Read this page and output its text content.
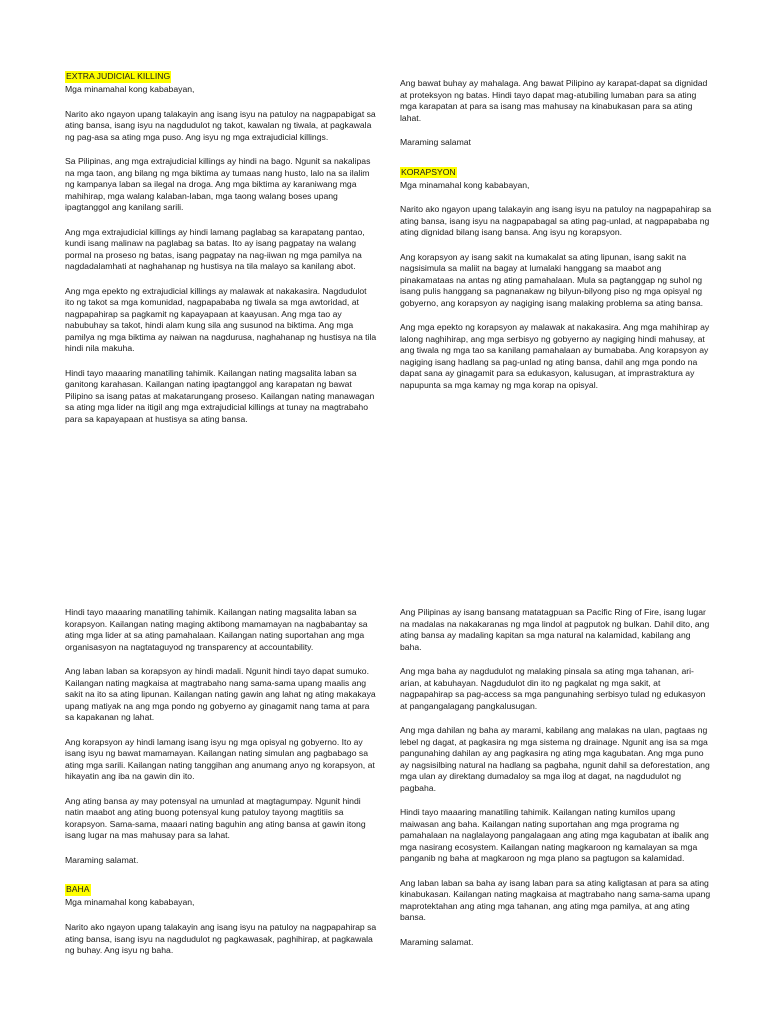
EXTRA JUDICIAL KILLING

Mga minamahal kong kababayan,

Narito ako ngayon upang talakayin ang isang isyu na patuloy na nagpapabigat sa ating bansa, isang isyu na nagdudulot ng takot, kawalan ng tiwala, at pagkawala ng pag-asa sa ating mga puso. Ang isyu ng mga extrajudicial killings.

Sa Pilipinas, ang mga extrajudicial killings ay hindi na bago. Ngunit sa nakalipas na mga taon, ang bilang ng mga biktima ay tumaas nang husto, lalo na sa ilalim ng kampanya laban sa ilegal na droga. Ang mga biktima ay karaniwang mga mahihirap, mga walang kalaban-laban, mga taong walang boses upang ipagtanggol ang kanilang sarili.

Ang mga extrajudicial killings ay hindi lamang paglabag sa karapatang pantao, kundi isang malinaw na paglabag sa batas. Ito ay isang pagpatay na walang pormal na proseso ng batas, isang pagpatay na nag-iiwan ng mga pamilya na nagdadalamhati at naghahanap ng hustisya na tila malayo sa kanilang abot.

Ang mga epekto ng extrajudicial killings ay malawak at nakakasira. Nagdudulot ito ng takot sa mga komunidad, nagpapababa ng tiwala sa mga awtoridad, at nagpapahirap sa pagkamit ng kapayapaan at kaayusan. Ang mga tao ay nabubuhay sa takot, hindi alam kung sila ang susunod na biktima. Ang mga pamilya ng mga biktima ay naiwan na nagdurusa, naghahanap ng hustisya na tila hindi nila makuha.

Hindi tayo maaaring manatiling tahimik. Kailangan nating magsalita laban sa ganitong karahasan. Kailangan nating ipagtanggol ang karapatan ng bawat Pilipino sa isang patas at makatarungang proseso. Kailangan nating manawagan sa ating mga lider na itigil ang mga extrajudicial killings at tunay na magtrabaho para sa kapayapaan at hustisya sa ating bansa.

Ang bawat buhay ay mahalaga. Ang bawat Pilipino ay karapat-dapat sa dignidad at proteksyon ng batas. Hindi tayo dapat mag-atubiling lumaban para sa ating mga karapatan at para sa isang mas mahusay na kinabukasan para sa ating lahat.

Maraming salamat

KORAPSYON

Mga minamahal kong kababayan,

Narito ako ngayon upang talakayin ang isang isyu na patuloy na nagpapahirap sa ating bansa, isang isyu na nagpapabagal sa ating pag-unlad, at nagpapababa ng ating dignidad bilang isang bansa. Ang isyu ng korapsyon.

Ang korapsyon ay isang sakit na kumakalat sa ating lipunan, isang sakit na nagsisimula sa maliit na bagay at lumalaki hanggang sa maabot ang pinakamataas na antas ng ating pamahalaan. Mula sa pagtanggap ng suhol ng isang pulis hanggang sa pagnanakaw ng bilyun-bilyong piso ng mga opisyal ng gobyerno, ang korapsyon ay nagiging isang malaking problema sa ating bansa.

Ang mga epekto ng korapsyon ay malawak at nakakasira. Ang mga mahihirap ay lalong naghihirap, ang mga serbisyo ng gobyerno ay nagiging hindi mahusay, at ang tiwala ng mga tao sa kanilang pamahalaan ay bumababa. Ang korapsyon ay nagiging isang hadlang sa pag-unlad ng ating bansa, dahil ang mga pondo na dapat sana ay ginagamit para sa edukasyon, kalusugan, at imprastraktura ay napupunta sa mga kamay ng mga korap na opisyal.

Hindi tayo maaaring manatiling tahimik. Kailangan nating magsalita laban sa korapsyon. Kailangan nating maging aktibong mamamayan na nagbabantay sa ating mga lider at sa ating pamahalaan. Kailangan nating suportahan ang mga organisasyon na nagtataguyod ng transparency at accountability.

Ang laban laban sa korapsyon ay hindi madali. Ngunit hindi tayo dapat sumuko. Kailangan nating magkaisa at magtrabaho nang sama-sama upang maalis ang sakit na ito sa ating lipunan. Kailangan nating gawin ang lahat ng ating makakaya upang matiyak na ang mga pondo ng gobyerno ay ginagamit nang tama at para sa kapakanan ng lahat.

Ang korapsyon ay hindi lamang isang isyu ng mga opisyal ng gobyerno. Ito ay isang isyu ng bawat mamamayan. Kailangan nating simulan ang pagbabago sa ating mga sarili. Kailangan nating tanggihan ang anumang anyo ng korapsyon, at hikayatin ang iba na gawin din ito.

Ang ating bansa ay may potensyal na umunlad at magtagumpay. Ngunit hindi natin maabot ang ating buong potensyal kung patuloy tayong magtitiis sa korapsyon. Sama-sama, maaari nating baguhin ang ating bansa at gawin itong isang lugar na mas mahusay para sa lahat.

Maraming salamat.

BAHA

Mga minamahal kong kababayan,

Narito ako ngayon upang talakayin ang isang isyu na patuloy na nagpapahirap sa ating bansa, isang isyu na nagdudulot ng pagkawasak, paghihirap, at pagkawala ng buhay. Ang isyu ng baha.

Ang Pilipinas ay isang bansang matatagpuan sa Pacific Ring of Fire, isang lugar na madalas na nakakaranas ng mga lindol at pagputok ng bulkan. Dahil dito, ang ating bansa ay madaling kapitan sa mga natural na kalamidad, kabilang ang baha.

Ang mga baha ay nagdudulot ng malaking pinsala sa ating mga tahanan, ari-arian, at kabuhayan. Nagdudulot din ito ng pagkalat ng mga sakit, at nagpapahirap sa pag-access sa mga pangunahing serbisyo tulad ng edukasyon at pangangalagang pangkalusugan.

Ang mga dahilan ng baha ay marami, kabilang ang malakas na ulan, pagtaas ng lebel ng dagat, at pagkasira ng mga sistema ng drainage. Ngunit ang isa sa mga pangunahing dahilan ay ang pagkasira ng ating mga kagubatan. Ang mga puno ay nagsisilbing natural na hadlang sa pagbaha, ngunit dahil sa deforestation, ang mga ulan ay direktang dumadaloy sa mga ilog at dagat, na nagdudulot ng pagbaha.

Hindi tayo maaaring manatiling tahimik. Kailangan nating kumilos upang maiwasan ang baha. Kailangan nating suportahan ang mga programa ng pamahalaan na naglalayong pangalagaan ang ating mga kagubatan at ibalik ang mga nasirang ecosystem. Kailangan nating magkaroon ng kamalayan sa mga panganib ng baha at magkaroon ng mga plano sa pagtugon sa kalamidad.

Ang laban laban sa baha ay isang laban para sa ating kaligtasan at para sa ating kinabukasan. Kailangan nating magkaisa at magtrabaho nang sama-sama upang maprotektahan ang ating mga tahanan, ang ating mga pamilya, at ang ating bansa.

Maraming salamat.
